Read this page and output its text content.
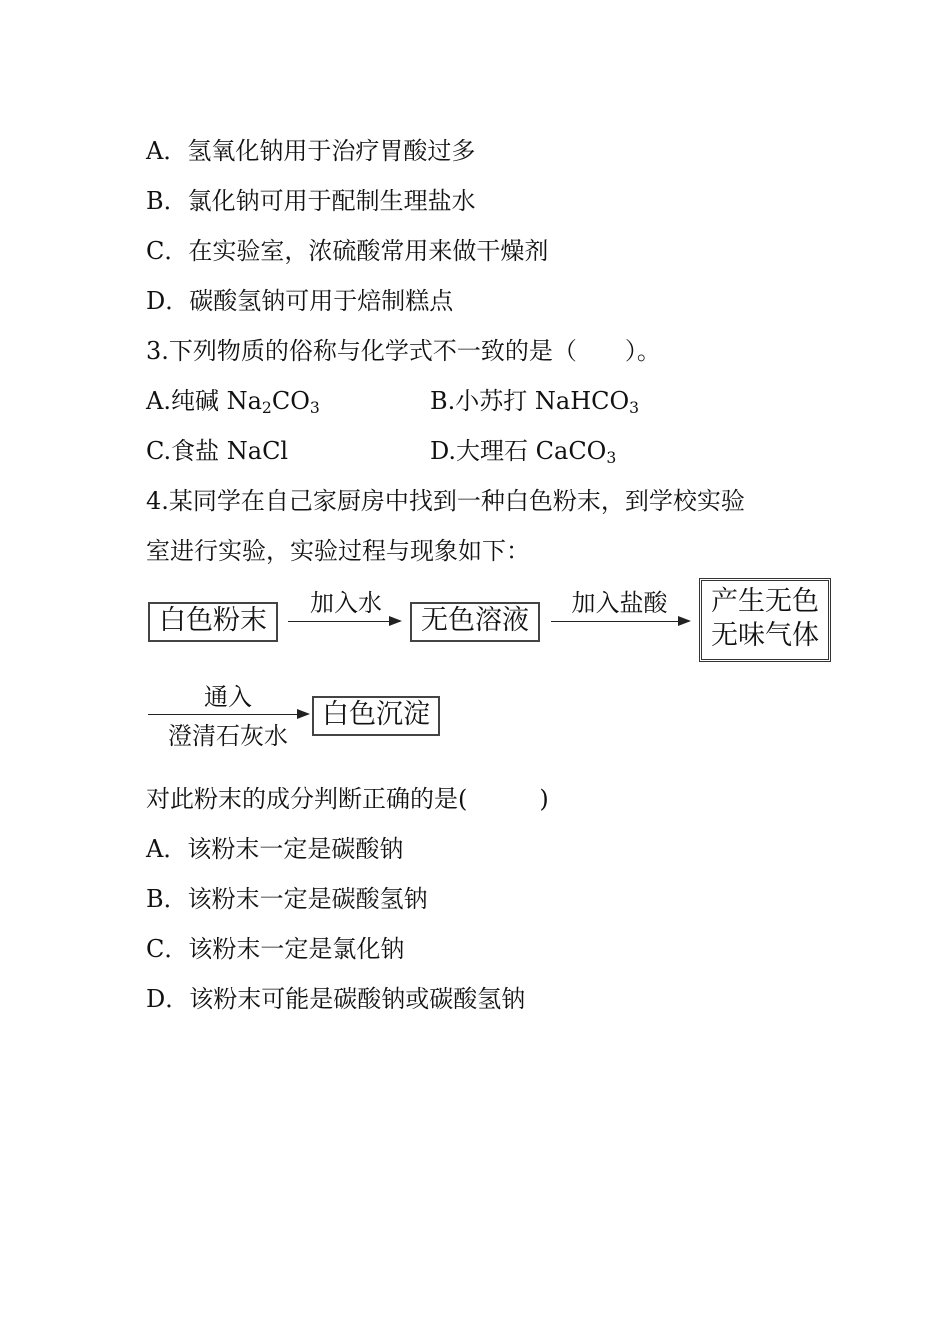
A．氢氧化钠用于治疗胃酸过多
B．氯化钠可用于配制生理盐水
C．在实验室，浓硫酸常用来做干燥剂
D．碳酸氢钠可用于焙制糕点
3.下列物质的俗称与化学式不一致的是（　　）。
A.纯碱 $Na_2CO_3$	B.小苏打 NaHCO$_3$
C.食盐 NaCl	D.大理石 CaCO$_3$
4.某同学在自己家厨房中找到一种白色粉末，到学校实验
室进行实验，实验过程与现象如下：
白色粉末
加入水
无色溶液
加入盐酸	产生无色
无味气体
通入
澄清石灰水
白色沉淀
对此粉末的成分判断正确的是(　　　)
A．该粉末一定是碳酸钠
B．该粉末一定是碳酸氢钠
C．该粉末一定是氯化钠
D．该粉末可能是碳酸钠或碳酸氢钠
